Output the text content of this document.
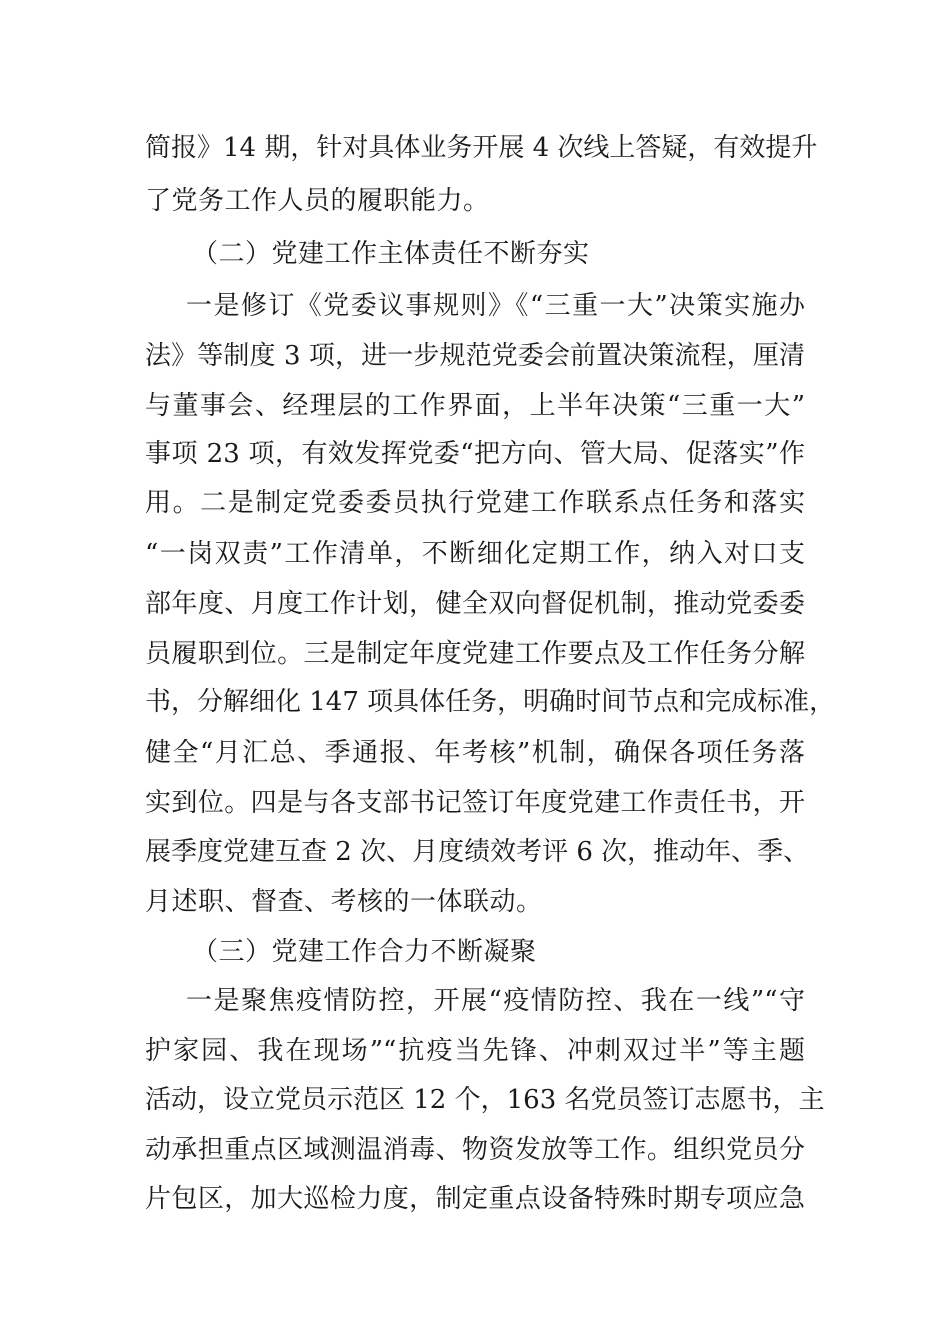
简报》14 期，针对具体业务开展 4 次线上答疑，有效提升
了党务工作人员的履职能力。
（二）党建工作主体责任不断夯实
一是修订《党委议事规则》《“三重一大”决策实施办
法》等制度 3 项，进一步规范党委会前置决策流程，厘清
与董事会、经理层的工作界面，上半年决策“三重一大”
事项 23 项，有效发挥党委“把方向、管大局、促落实”作
用。二是制定党委委员执行党建工作联系点任务和落实
“一岗双责”工作清单，不断细化定期工作，纳入对口支
部年度、月度工作计划，健全双向督促机制，推动党委委
员履职到位。三是制定年度党建工作要点及工作任务分解
书，分解细化 147 项具体任务，明确时间节点和完成标准，
健全“月汇总、季通报、年考核”机制，确保各项任务落
实到位。四是与各支部书记签订年度党建工作责任书，开
展季度党建互查 2 次、月度绩效考评 6 次，推动年、季、
月述职、督查、考核的一体联动。
（三）党建工作合力不断凝聚
一是聚焦疫情防控，开展“疫情防控、我在一线”“守
护家园、我在现场”“抗疫当先锋、冲刺双过半”等主题
活动，设立党员示范区 12 个，163 名党员签订志愿书，主
动承担重点区域测温消毒、物资发放等工作。组织党员分
片包区，加大巡检力度，制定重点设备特殊时期专项应急
